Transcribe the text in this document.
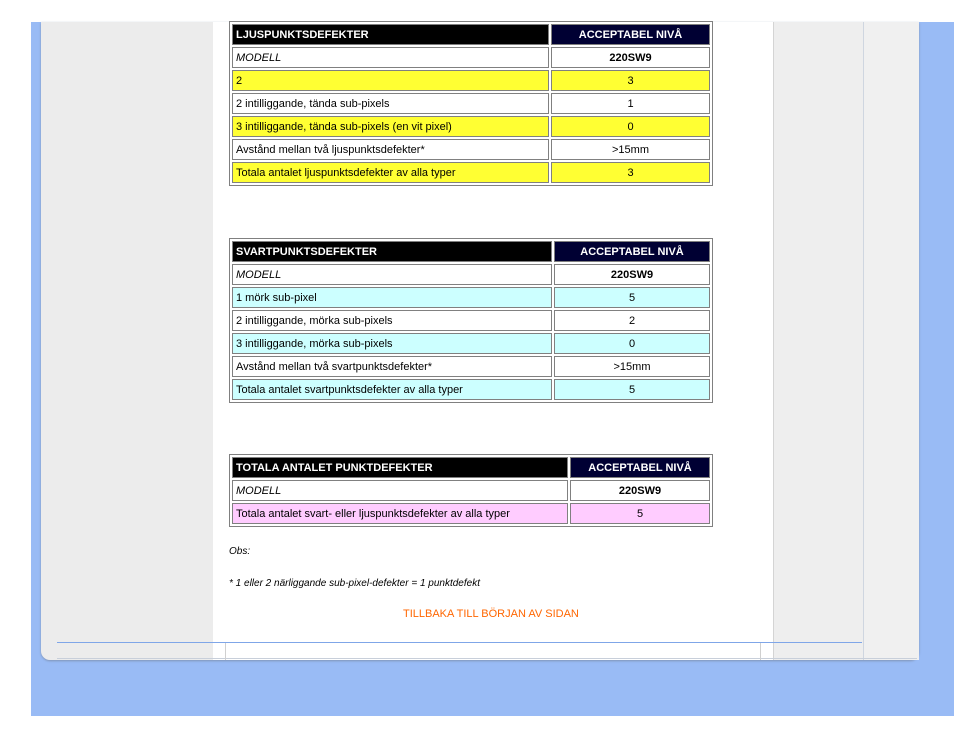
LJUSPUNKTSDEFEKTER	ACCEPTABEL NIVÅ
MODELL	220SW9
2	3
2 intilliggande, tända sub-pixels	1
3 intilliggande, tända sub-pixels (en vit pixel)	0
Avstånd mellan två ljuspunktsdefekter*	>15mm
Totala antalet ljuspunktsdefekter av alla typer	3
SVARTPUNKTSDEFEKTER	ACCEPTABEL NIVÅ
MODELL	220SW9
1 mörk sub-pixel	5
2 intilliggande, mörka sub-pixels	2
3 intilliggande, mörka sub-pixels	0
Avstånd mellan två svartpunktsdefekter*	>15mm
Totala antalet svartpunktsdefekter av alla typer	5
TOTALA ANTALET PUNKTDEFEKTER	ACCEPTABEL NIVÅ
MODELL	220SW9
Totala antalet svart- eller ljuspunktsdefekter av alla typer	5
Obs:
* 1 eller 2 närliggande sub-pixel-defekter = 1 punktdefekt
TILLBAKA TILL BÖRJAN AV SIDAN
